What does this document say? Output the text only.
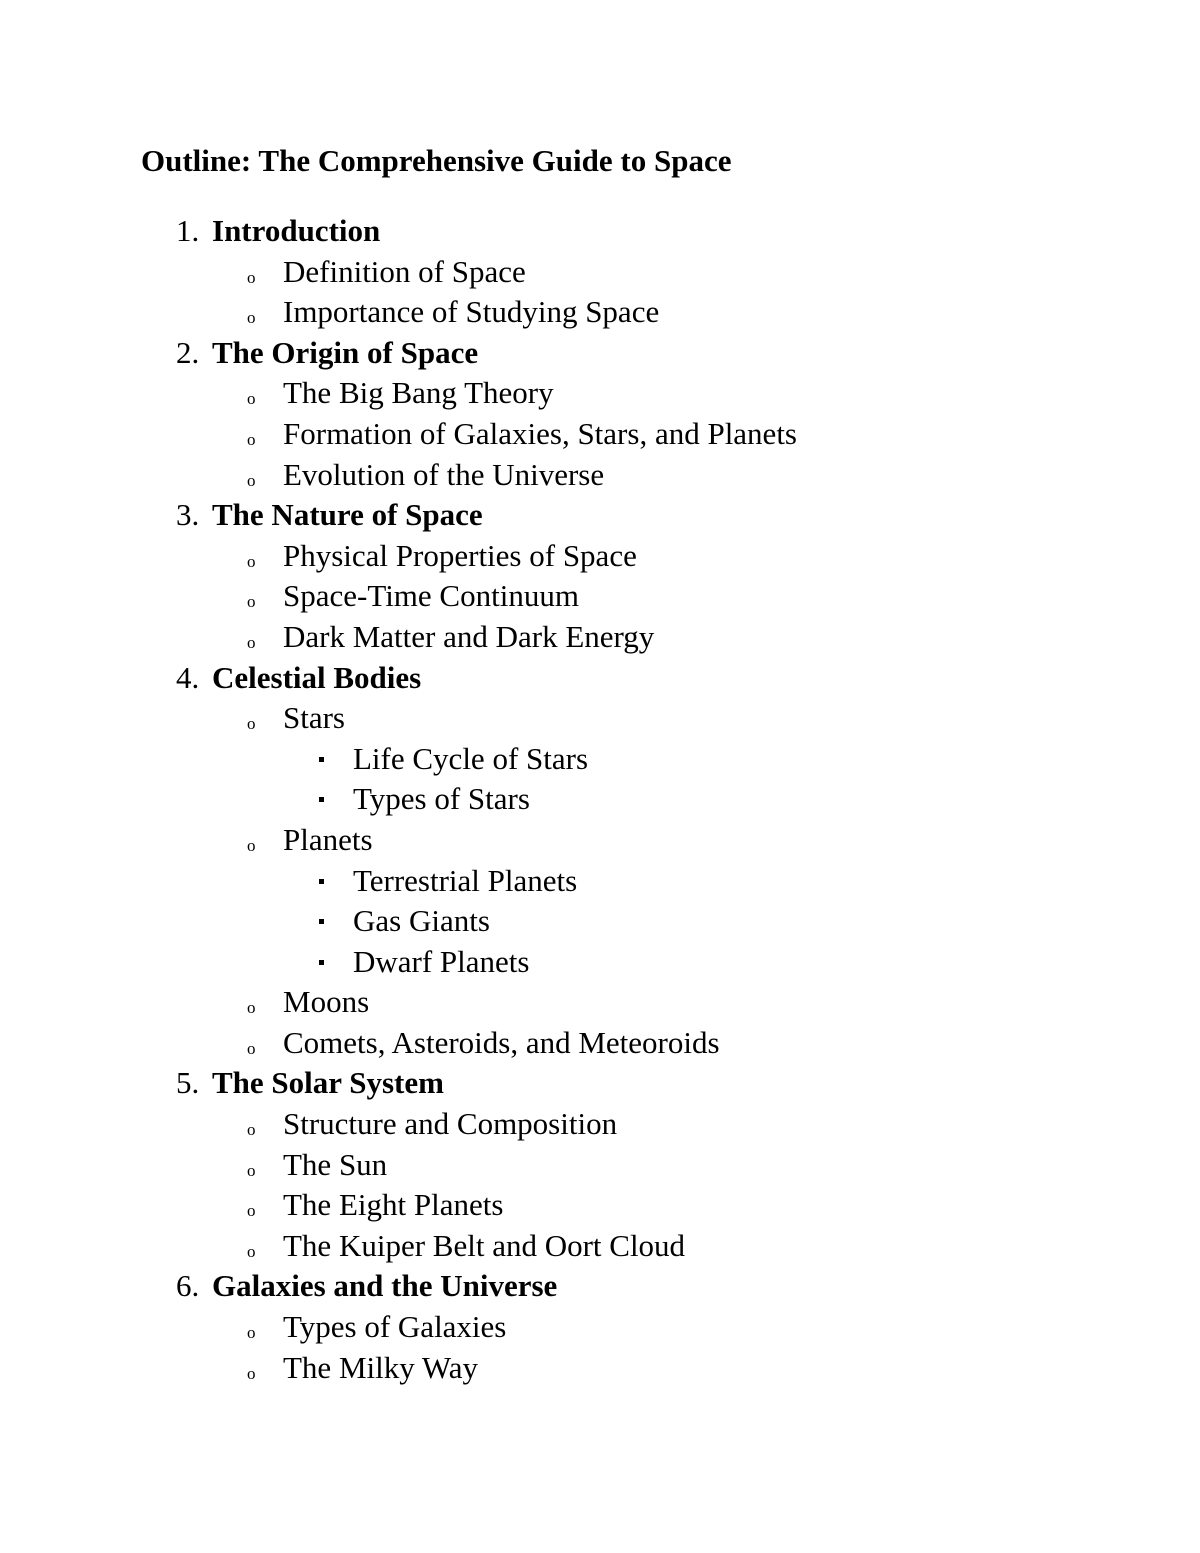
Outline: The Comprehensive Guide to Space
1. Introduction
o Definition of Space
o Importance of Studying Space
2. The Origin of Space
o The Big Bang Theory
o Formation of Galaxies, Stars, and Planets
o Evolution of the Universe
3. The Nature of Space
o Physical Properties of Space
o Space-Time Continuum
o Dark Matter and Dark Energy
4. Celestial Bodies
o Stars
Life Cycle of Stars
Types of Stars
o Planets
Terrestrial Planets
Gas Giants
Dwarf Planets
o Moons
o Comets, Asteroids, and Meteoroids
5. The Solar System
o Structure and Composition
o The Sun
o The Eight Planets
o The Kuiper Belt and Oort Cloud
6. Galaxies and the Universe
o Types of Galaxies
o The Milky Way
